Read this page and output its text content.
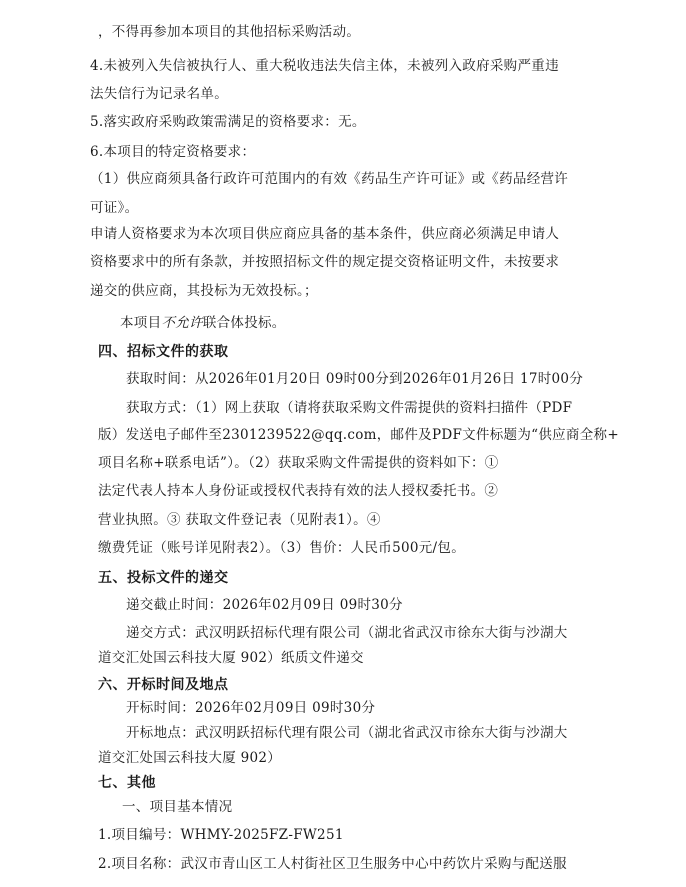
，不得再参加本项目的其他招标采购活动。
4.未被列入失信被执行人、重大税收违法失信主体，未被列入政府采购严重违
法失信行为记录名单。
5.落实政府采购政策需满足的资格要求：无。
6.本项目的特定资格要求：
（1）供应商须具备行政许可范围内的有效《药品生产许可证》或《药品经营许
可证》。
申请人资格要求为本次项目供应商应具备的基本条件，供应商必须满足申请人
资格要求中的所有条款，并按照招标文件的规定提交资格证明文件，未按要求
递交的供应商，其投标为无效投标。；
本项目不允许联合体投标。
四、招标文件的获取
获取时间：从2026年01月20日 09时00分到2026年01月26日 17时00分
获取方式：（1）网上获取（请将获取采购文件需提供的资料扫描件（PDF
版）发送电子邮件至2301239522@qq.com，邮件及PDF文件标题为“供应商全称+
项目名称+联系电话”）。（2）获取采购文件需提供的资料如下：①
法定代表人持本人身份证或授权代表持有效的法人授权委托书。②
营业执照。③ 获取文件登记表（见附表1）。④
缴费凭证（账号详见附表2）。（3）售价：人民币500元/包。
五、投标文件的递交
递交截止时间：2026年02月09日 09时30分
递交方式：武汉明跃招标代理有限公司（湖北省武汉市徐东大街与沙湖大
道交汇处国云科技大厦 902）纸质文件递交
六、开标时间及地点
开标时间：2026年02月09日 09时30分
开标地点：武汉明跃招标代理有限公司（湖北省武汉市徐东大街与沙湖大
道交汇处国云科技大厦 902）
七、其他
一、项目基本情况
1.项目编号：WHMY-2025FZ-FW251
2.项目名称：武汉市青山区工人村街社区卫生服务中心中药饮片采购与配送服
